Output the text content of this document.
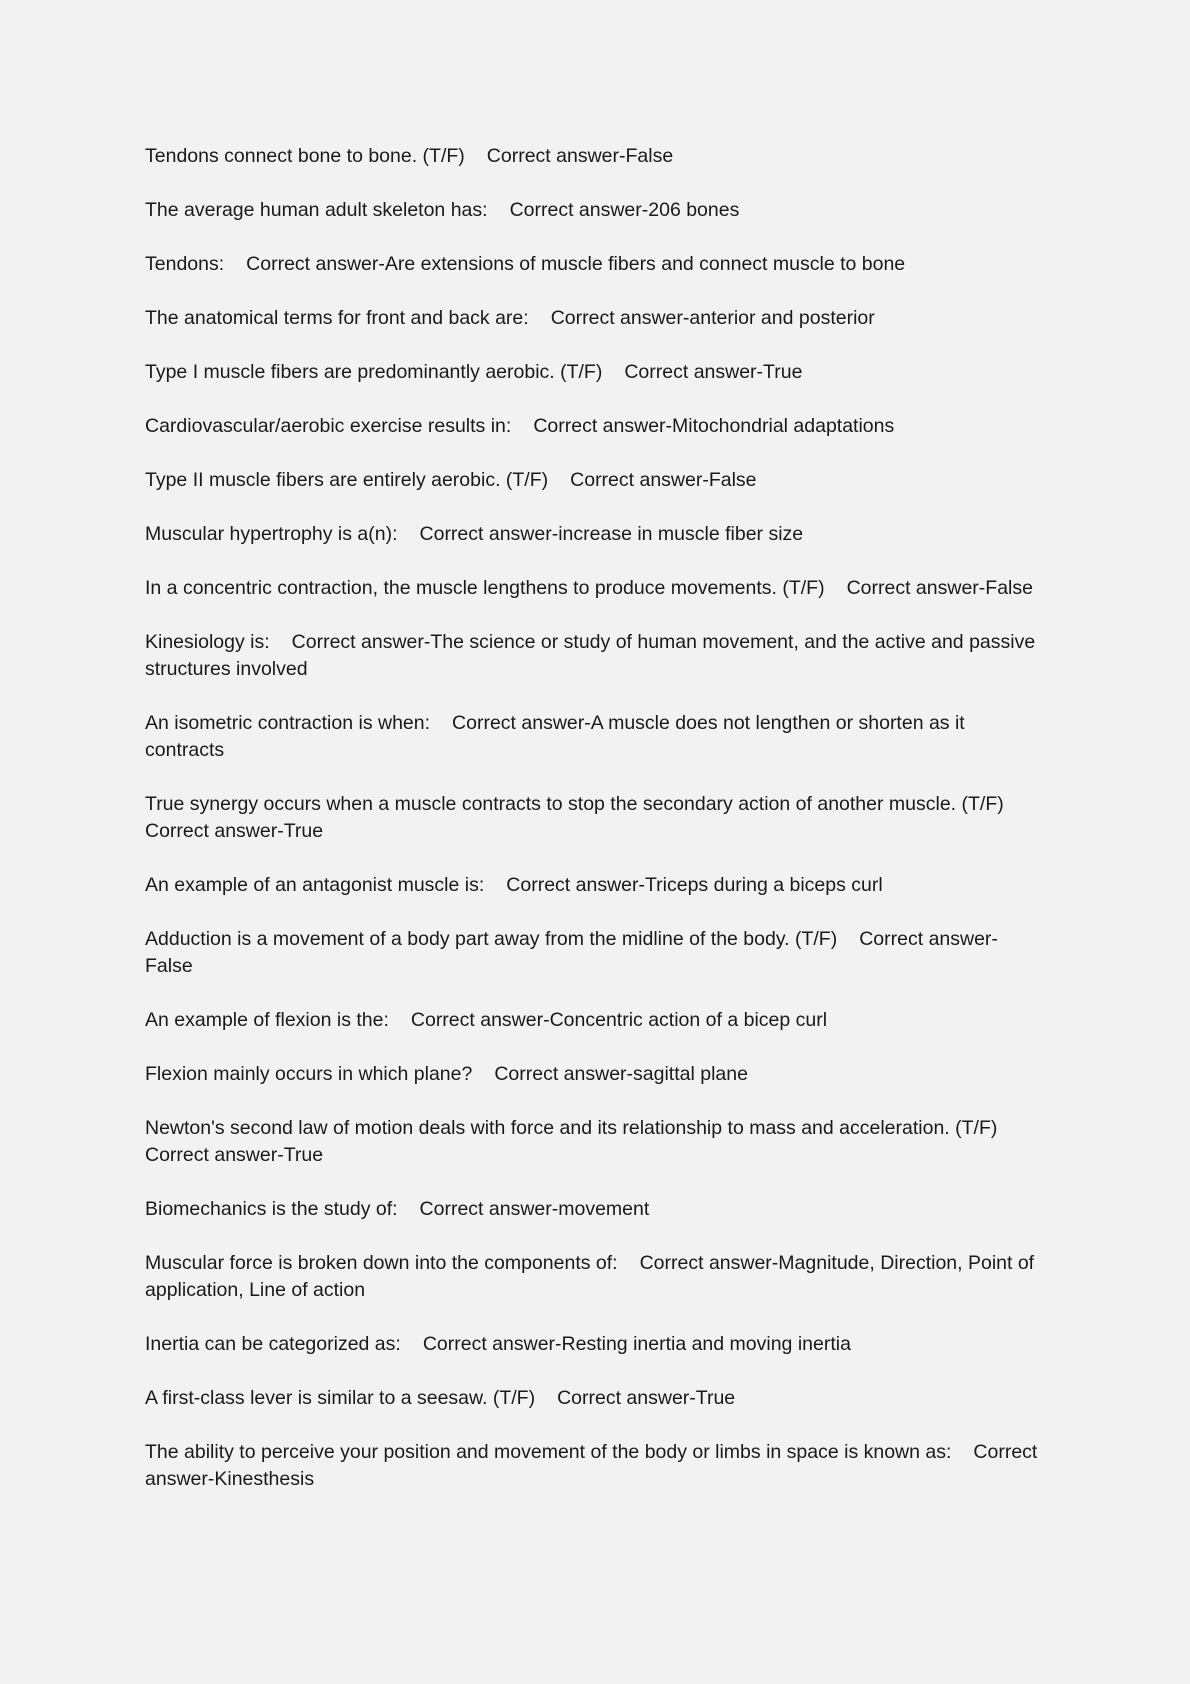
Tendons connect bone to bone. (T/F) Correct answer-False

The average human adult skeleton has: Correct answer-206 bones

Tendons: Correct answer-Are extensions of muscle fibers and connect muscle to bone

The anatomical terms for front and back are: Correct answer-anterior and posterior

Type I muscle fibers are predominantly aerobic. (T/F) Correct answer-True

Cardiovascular/aerobic exercise results in: Correct answer-Mitochondrial adaptations

Type II muscle fibers are entirely aerobic. (T/F) Correct answer-False

Muscular hypertrophy is a(n): Correct answer-increase in muscle fiber size

In a concentric contraction, the muscle lengthens to produce movements. (T/F) Correct answer-False

Kinesiology is: Correct answer-The science or study of human movement, and the active and passive structures involved

An isometric contraction is when: Correct answer-A muscle does not lengthen or shorten as it contracts

True synergy occurs when a muscle contracts to stop the secondary action of another muscle. (T/F)Correct answer-True

An example of an antagonist muscle is: Correct answer-Triceps during a biceps curl

Adduction is a movement of a body part away from the midline of the body. (T/F) Correct answer-False

An example of flexion is the: Correct answer-Concentric action of a bicep curl

Flexion mainly occurs in which plane? Correct answer-sagittal plane

Newton's second law of motion deals with force and its relationship to mass and acceleration. (T/F)Correct answer-True

Biomechanics is the study of: Correct answer-movement

Muscular force is broken down into the components of: Correct answer-Magnitude, Direction, Point of application, Line of action

Inertia can be categorized as: Correct answer-Resting inertia and moving inertia

A first-class lever is similar to a seesaw. (T/F) Correct answer-True

The ability to perceive your position and movement of the body or limbs in space is known as: Correct answer-Kinesthesis
